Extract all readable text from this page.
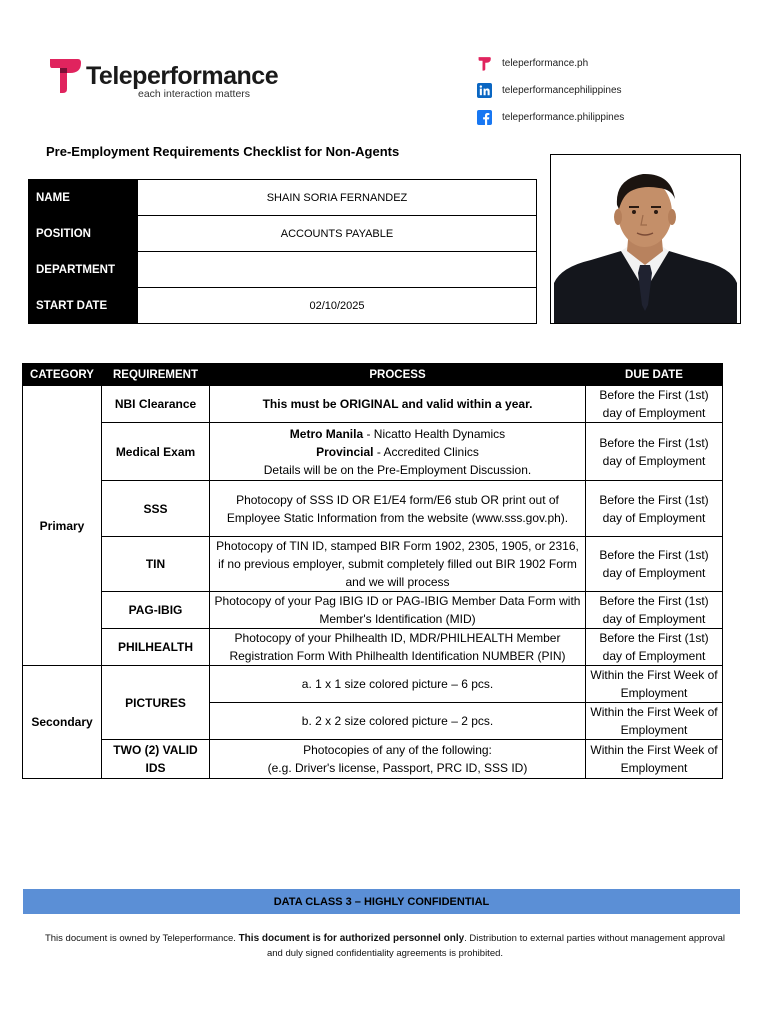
Teleperformance
each interaction matters
teleperformance.ph
teleperformancephilippines
teleperformance.philippines
Pre-Employment Requirements Checklist for Non-Agents
NAME	SHAIN SORIA FERNANDEZ
POSITION	ACCOUNTS PAYABLE
DEPARTMENT	
START DATE	02/10/2025
CATEGORY	REQUIREMENT	PROCESS	DUE DATE
Primary	NBI Clearance	This must be ORIGINAL and valid within a year.	Before the First (1st) day of Employment
	Medical Exam	Metro Manila - Nicatto Health Dynamics
Provincial - Accredited Clinics
Details will be on the Pre-Employment Discussion.	Before the First (1st) day of Employment
	SSS	Photocopy of SSS ID OR E1/E4 form/E6 stub OR print out of Employee Static Information from the website (www.sss.gov.ph).	Before the First (1st) day of Employment
	TIN	Photocopy of TIN ID, stamped BIR Form 1902, 2305, 1905, or 2316, if no previous employer, submit completely filled out BIR 1902 Form and we will process	Before the First (1st) day of Employment
	PAG-IBIG	Photocopy of your Pag IBIG ID or PAG-IBIG Member Data Form with Member's Identification (MID)	Before the First (1st) day of Employment
	PHILHEALTH	Photocopy of your Philhealth ID, MDR/PHILHEALTH Member Registration Form With Philhealth Identification NUMBER (PIN)	Before the First (1st) day of Employment
Secondary	PICTURES	a. 1 x 1 size colored picture – 6 pcs.	Within the First Week of Employment
		b. 2 x 2 size colored picture – 2 pcs.	Within the First Week of Employment
	TWO (2) VALID IDS	Photocopies of any of the following:
(e.g. Driver's license, Passport, PRC ID, SSS ID)	Within the First Week of Employment
DATA CLASS 3 – HIGHLY CONFIDENTIAL
This document is owned by Teleperformance. This document is for authorized personnel only. Distribution to external parties without management approval and duly signed confidentiality agreements is prohibited.
